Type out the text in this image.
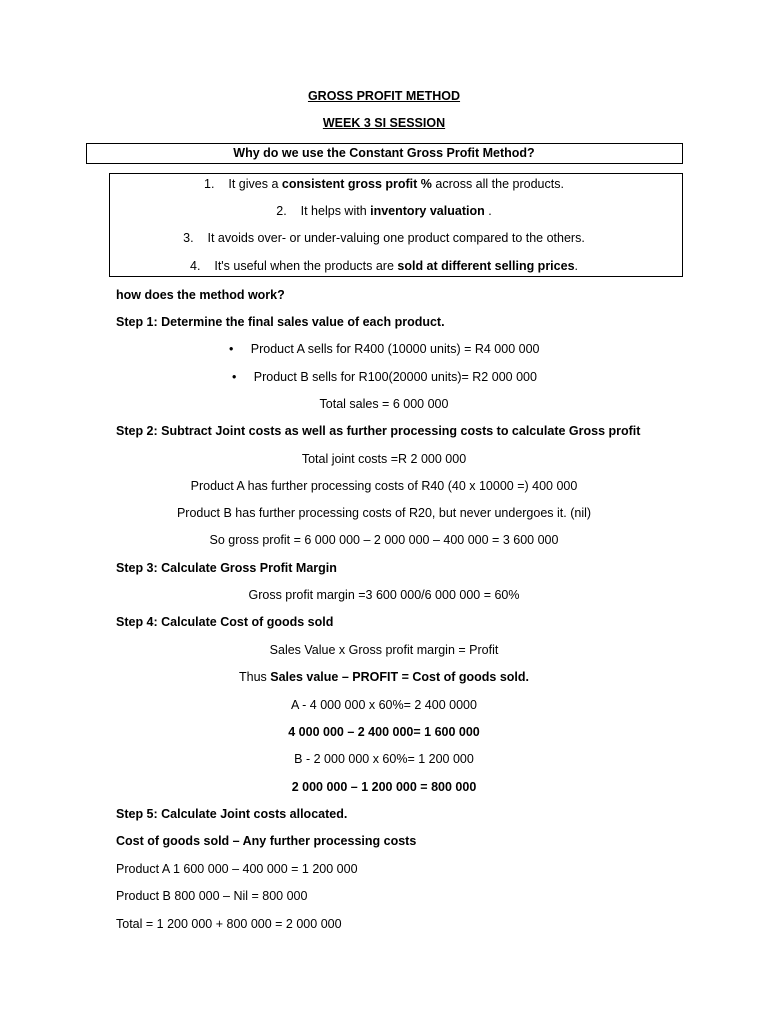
GROSS PROFIT METHOD
WEEK 3 SI SESSION
Why do we use the Constant Gross Profit Method?
1. It gives a consistent gross profit % across all the products.
2. It helps with inventory valuation .
3. It avoids over- or under-valuing one product compared to the others.
4. It's useful when the products are sold at different selling prices.
how does the method work?
Step 1: Determine the final sales value of each product.
• Product A sells for R400 (10000 units) = R4 000 000
• Product B sells for R100(20000 units)= R2 000 000
Total sales = 6 000 000
Step 2: Subtract Joint costs as well as further processing costs to calculate Gross profit
Total joint costs =R 2 000 000
Product A has further processing costs of R40 (40 x 10000 =) 400 000
Product B has further processing costs of R20, but never undergoes it. (nil)
So gross profit = 6 000 000 – 2 000 000 – 400 000 = 3 600 000
Step 3: Calculate Gross Profit Margin
Gross profit margin =3 600 000/6 000 000 = 60%
Step 4: Calculate Cost of goods sold
Sales Value x Gross profit margin = Profit
Thus Sales value – PROFIT = Cost of goods sold.
A - 4 000 000 x 60%= 2 400 0000
4 000 000 – 2 400 000= 1 600 000
B - 2 000 000 x 60%= 1 200 000
2 000 000 – 1 200 000 = 800 000
Step 5: Calculate Joint costs allocated.
Cost of goods sold – Any further processing costs
Product A 1 600 000 – 400 000 = 1 200 000
Product B 800 000 – Nil = 800 000
Total = 1 200 000 + 800 000 = 2 000 000
